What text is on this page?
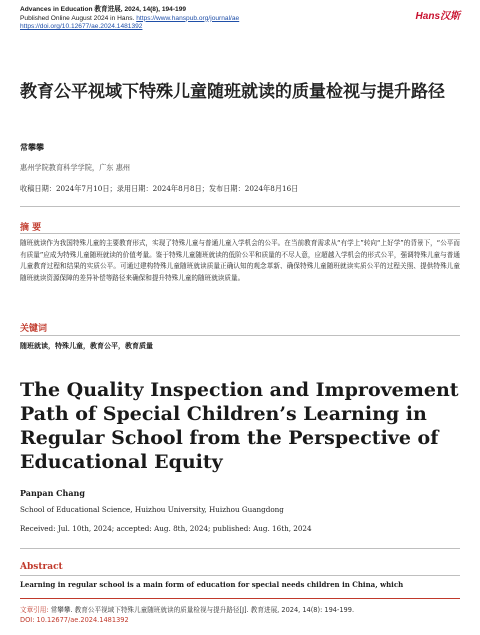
Advances in Education 教育进展, 2024, 14(8), 194-199
Published Online August 2024 in Hans. https://www.hanspub.org/journal/ae
https://doi.org/10.12677/ae.2024.1481392
Hans汉斯
教育公平视域下特殊儿童随班就读的质量检视与提升路径
常攀攀
惠州学院教育科学学院，广东 惠州
收稿日期：2024年7月10日；录用日期：2024年8月8日；发布日期：2024年8月16日
摘 要
随班就读作为我国特殊儿童的主要教育形式，实现了特殊儿童与普通儿童入学机会的公平。在当前教育需求从“有学上”转向“上好学”的背景下，“公平而有质量”应成为特殊儿童随班就读的价值考量。鉴于特殊儿童随班就读的低阶公平和质量的不尽人意，应超越入学机会的形式公平，强调特殊儿童与普通儿童教育过程和结果的实质公平。可通过建构特殊儿童随班就读质量正确认知的观念革新、确保特殊儿童随班就读实质公平的过程关照、提供特殊儿童随班就读资源保障的差异补偿等路径来确保和提升特殊儿童的随班就读质量。
关键词
随班就读，特殊儿童，教育公平，教育质量
The Quality Inspection and Improvement Path of Special Children’s Learning in Regular School from the Perspective of Educational Equity
Panpan Chang
School of Educational Science, Huizhou University, Huizhou Guangdong
Received: Jul. 10th, 2024; accepted: Aug. 8th, 2024; published: Aug. 16th, 2024
Abstract
Learning in regular school is a main form of education for special needs children in China, which
文章引用: 常攀攀. 教育公平视域下特殊儿童随班就读的质量检视与提升路径[J]. 教育进展, 2024, 14(8): 194-199.
DOI: 10.12677/ae.2024.1481392
